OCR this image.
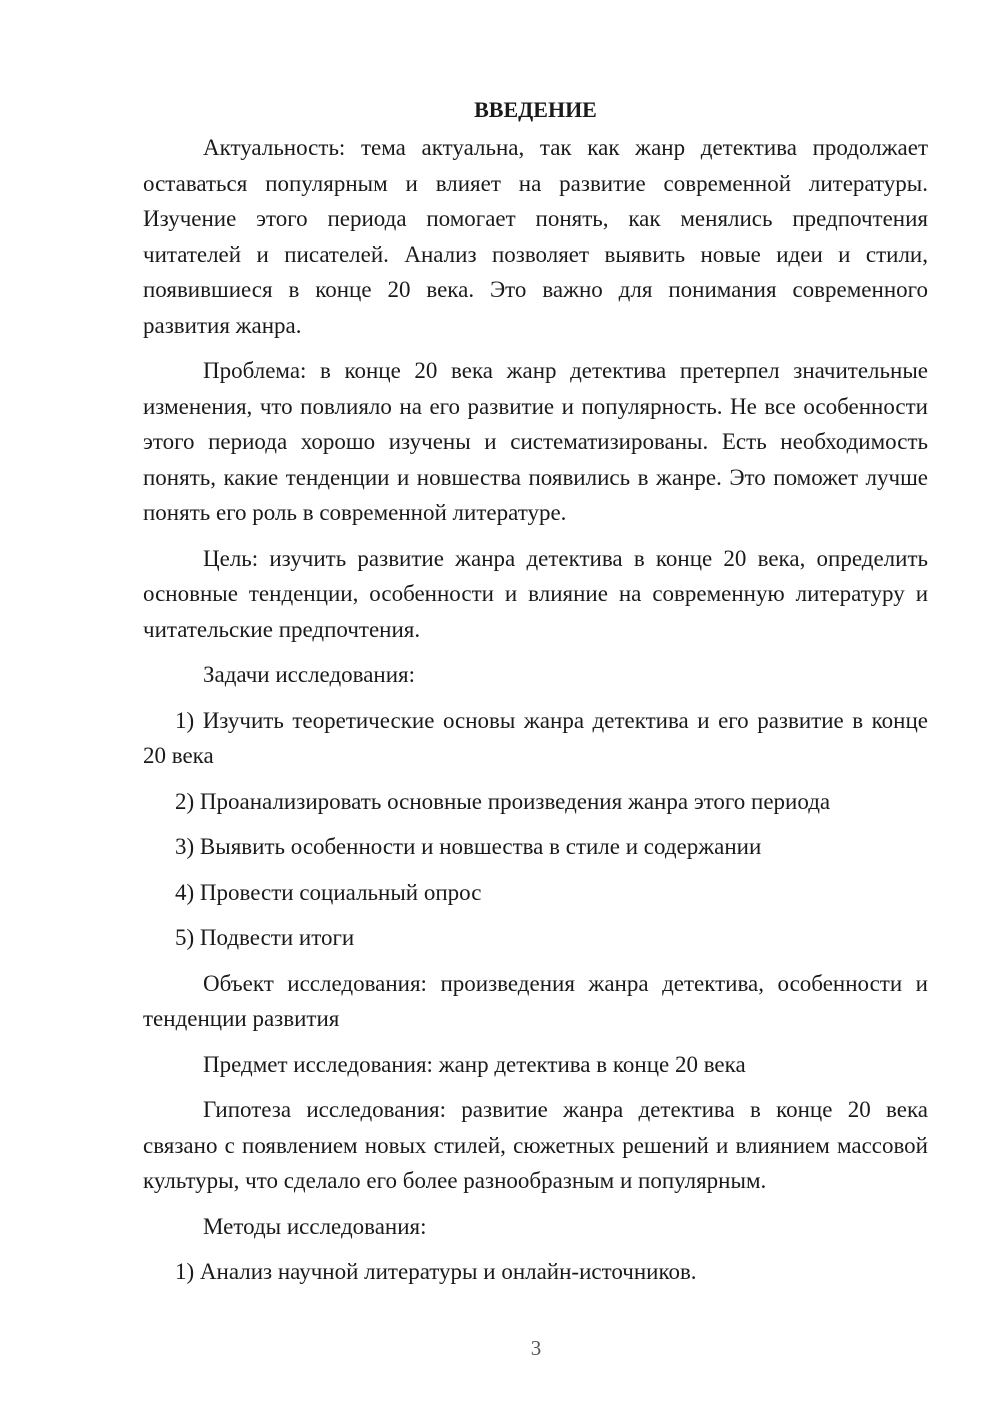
ВВЕДЕНИЕ

Актуальность: тема актуальна, так как жанр детектива продолжает оставаться популярным и влияет на развитие современной литературы. Изучение этого периода помогает понять, как менялись предпочтения читателей и писателей. Анализ позволяет выявить новые идеи и стили, появившиеся в конце 20 века. Это важно для понимания современного развития жанра.

Проблема: в конце 20 века жанр детектива претерпел значительные изменения, что повлияло на его развитие и популярность. Не все особенности этого периода хорошо изучены и систематизированы. Есть необходимость понять, какие тенденции и новшества появились в жанре. Это поможет лучше понять его роль в современной литературе.

Цель: изучить развитие жанра детектива в конце 20 века, определить основные тенденции, особенности и влияние на современную литературу и читательские предпочтения.

Задачи исследования:

1) Изучить теоретические основы жанра детектива и его развитие в конце 20 века

2) Проанализировать основные произведения жанра этого периода

3) Выявить особенности и новшества в стиле и содержании

4) Провести социальный опрос

5) Подвести итоги

Объект исследования: произведения жанра детектива, особенности и тенденции развития

Предмет исследования: жанр детектива в конце 20 века

Гипотеза исследования: развитие жанра детектива в конце 20 века связано с появлением новых стилей, сюжетных решений и влиянием массовой культуры, что сделало его более разнообразным и популярным.

Методы исследования:

1) Анализ научной литературы и онлайн-источников.

3
